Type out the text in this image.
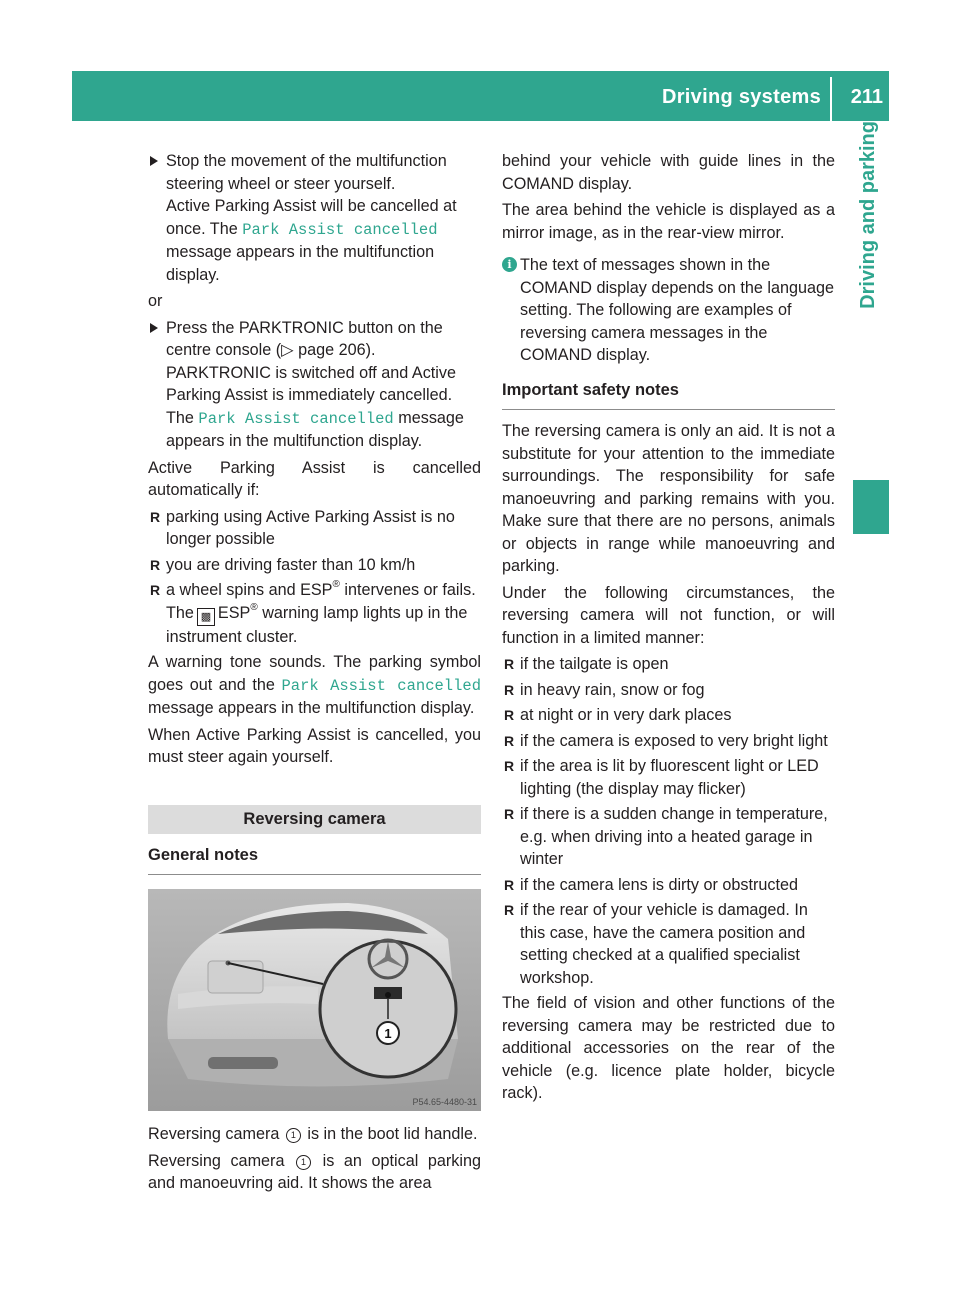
Driving systems 211
Driving and parking

Stop the movement of the multifunction steering wheel or steer yourself.
Active Parking Assist will be cancelled at once. The Park Assist cancelled message appears in the multifunction display.

or

Press the PARKTRONIC button on the centre console (▷ page 206).
PARKTRONIC is switched off and Active Parking Assist is immediately cancelled.
The Park Assist cancelled message appears in the multifunction display.

Active Parking Assist is cancelled automatically if:

R parking using Active Parking Assist is no longer possible
R you are driving faster than 10 km/h
R a wheel spins and ESP® intervenes or fails.
The ▩ ESP® warning lamp lights up in the instrument cluster.

A warning tone sounds. The parking symbol goes out and the Park Assist cancelled message appears in the multifunction display.

When Active Parking Assist is cancelled, you must steer again yourself.

Reversing camera
General notes
1
P54.65-4480-31

Reversing camera 1 is in the boot lid handle.

Reversing camera 1 is an optical parking and manoeuvring aid. It shows the area

behind your vehicle with guide lines in the COMAND display.

The area behind the vehicle is displayed as a mirror image, as in the rear-view mirror.

i The text of messages shown in the COMAND display depends on the language setting. The following are examples of reversing camera messages in the COMAND display.

Important safety notes

The reversing camera is only an aid. It is not a substitute for your attention to the immediate surroundings. The responsibility for safe manoeuvring and parking remains with you. Make sure that there are no persons, animals or objects in range while manoeuvring and parking.

Under the following circumstances, the reversing camera will not function, or will function in a limited manner:

R if the tailgate is open
R in heavy rain, snow or fog
R at night or in very dark places
R if the camera is exposed to very bright light
R if the area is lit by fluorescent light or LED lighting (the display may flicker)
R if there is a sudden change in temperature, e.g. when driving into a heated garage in winter
R if the camera lens is dirty or obstructed
R if the rear of your vehicle is damaged. In this case, have the camera position and setting checked at a qualified specialist workshop.

The field of vision and other functions of the reversing camera may be restricted due to additional accessories on the rear of the vehicle (e.g. licence plate holder, bicycle rack).
